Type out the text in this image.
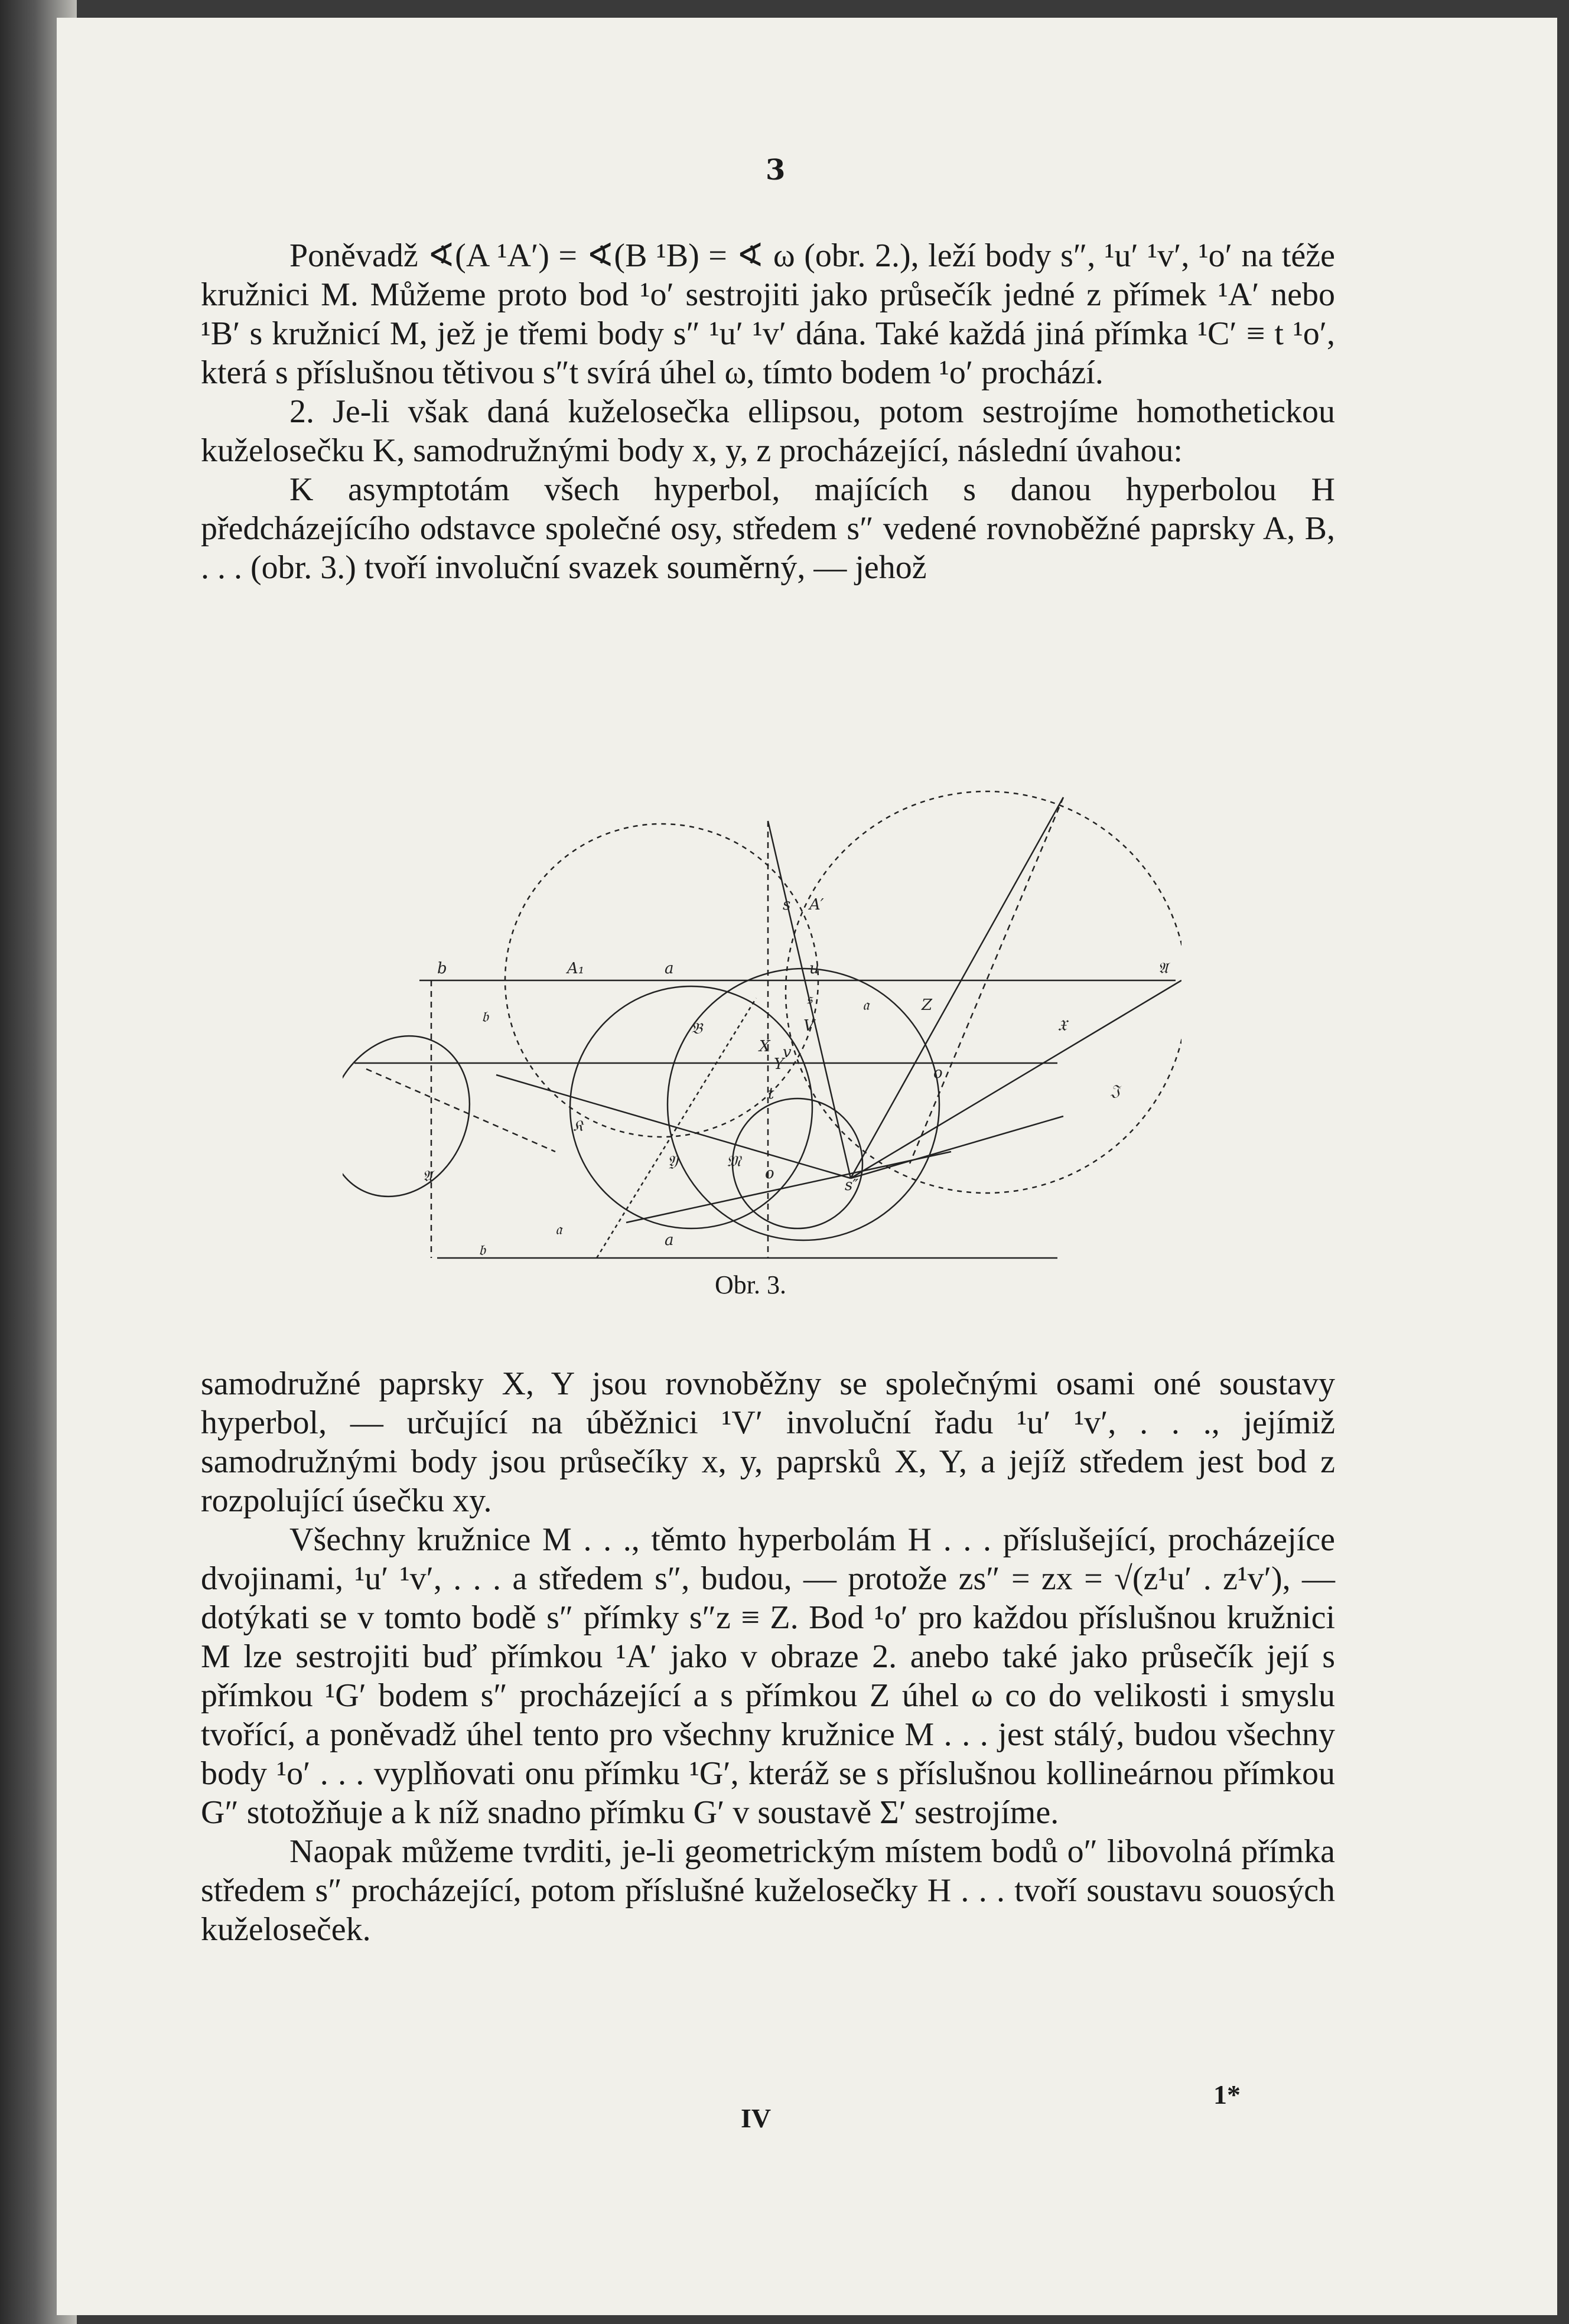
3

Poněvadž ∢(A ¹A′) = ∢(B ¹B) = ∢ ω (obr. 2.), leží body s″, ¹u′ ¹v′, ¹o′ na téže kružnici M. Můžeme proto bod ¹o′ sestrojiti jako průsečík jedné z přímek ¹A′ nebo ¹B′ s kružnicí M, jež je třemi body s″ ¹u′ ¹v′ dána. Také každá jiná přímka ¹C′ ≡ t ¹o′, která s příslušnou tětivou s″t svírá úhel ω, tímto bodem ¹o′ prochází.

2. Je-li však daná kuželosečka ellipsou, potom sestrojíme homothetickou kuželosečku K, samodružnými body x, y, z procházející, následní úvahou:

K asymptotám všech hyperbol, majících s danou hyperbolou H předcházejícího odstavce společné osy, středem s″ vedené rovnoběžné paprsky A, B, . . . (obr. 3.) tvoří involuční svazek souměrný, — jehož

b	A₁	a	u	𝔄
s
𝔟
𝔰
V
𝔅
X
𝔞	Z
𝔛
o
𝔍
𝔎
𝔐
𝔜
Y
t
v
o
a
𝔄
𝔟
𝔞
A′
s″
Obr. 3.

samodružné paprsky X, Y jsou rovnoběžny se společnými osami oné soustavy hyperbol, — určující na úběžnici ¹V′ involuční řadu ¹u′ ¹v′, . . ., jejímiž samodružnými body jsou průsečíky x, y, paprsků X, Y, a jejíž středem jest bod z rozpolující úsečku xy.

Všechny kružnice M . . ., těmto hyperbolám H . . . příslušející, procházejíce dvojinami, ¹u′ ¹v′, . . . a středem s″, budou, — protože zs″ = zx = √(z¹u′ . z¹v′), — dotýkati se v tomto bodě s″ přímky s″z ≡ Z. Bod ¹o′ pro každou příslušnou kružnici M lze sestrojiti buď přímkou ¹A′ jako v obraze 2. anebo také jako průsečík její s přímkou ¹G′ bodem s″ procházející a s přímkou Z úhel ω co do velikosti i smyslu tvořící, a poněvadž úhel tento pro všechny kružnice M . . . jest stálý, budou všechny body ¹o′ . . . vyplňovati onu přímku ¹G′, kteráž se s příslušnou kollineárnou přímkou G″ stotožňuje a k níž snadno přímku G′ v soustavě Σ′ sestrojíme.

Naopak můžeme tvrditi, je-li geometrickým místem bodů o″ libovolná přímka středem s″ procházející, potom příslušné kuželosečky H . . . tvoří soustavu souosých kuželoseček.

1*
IV
